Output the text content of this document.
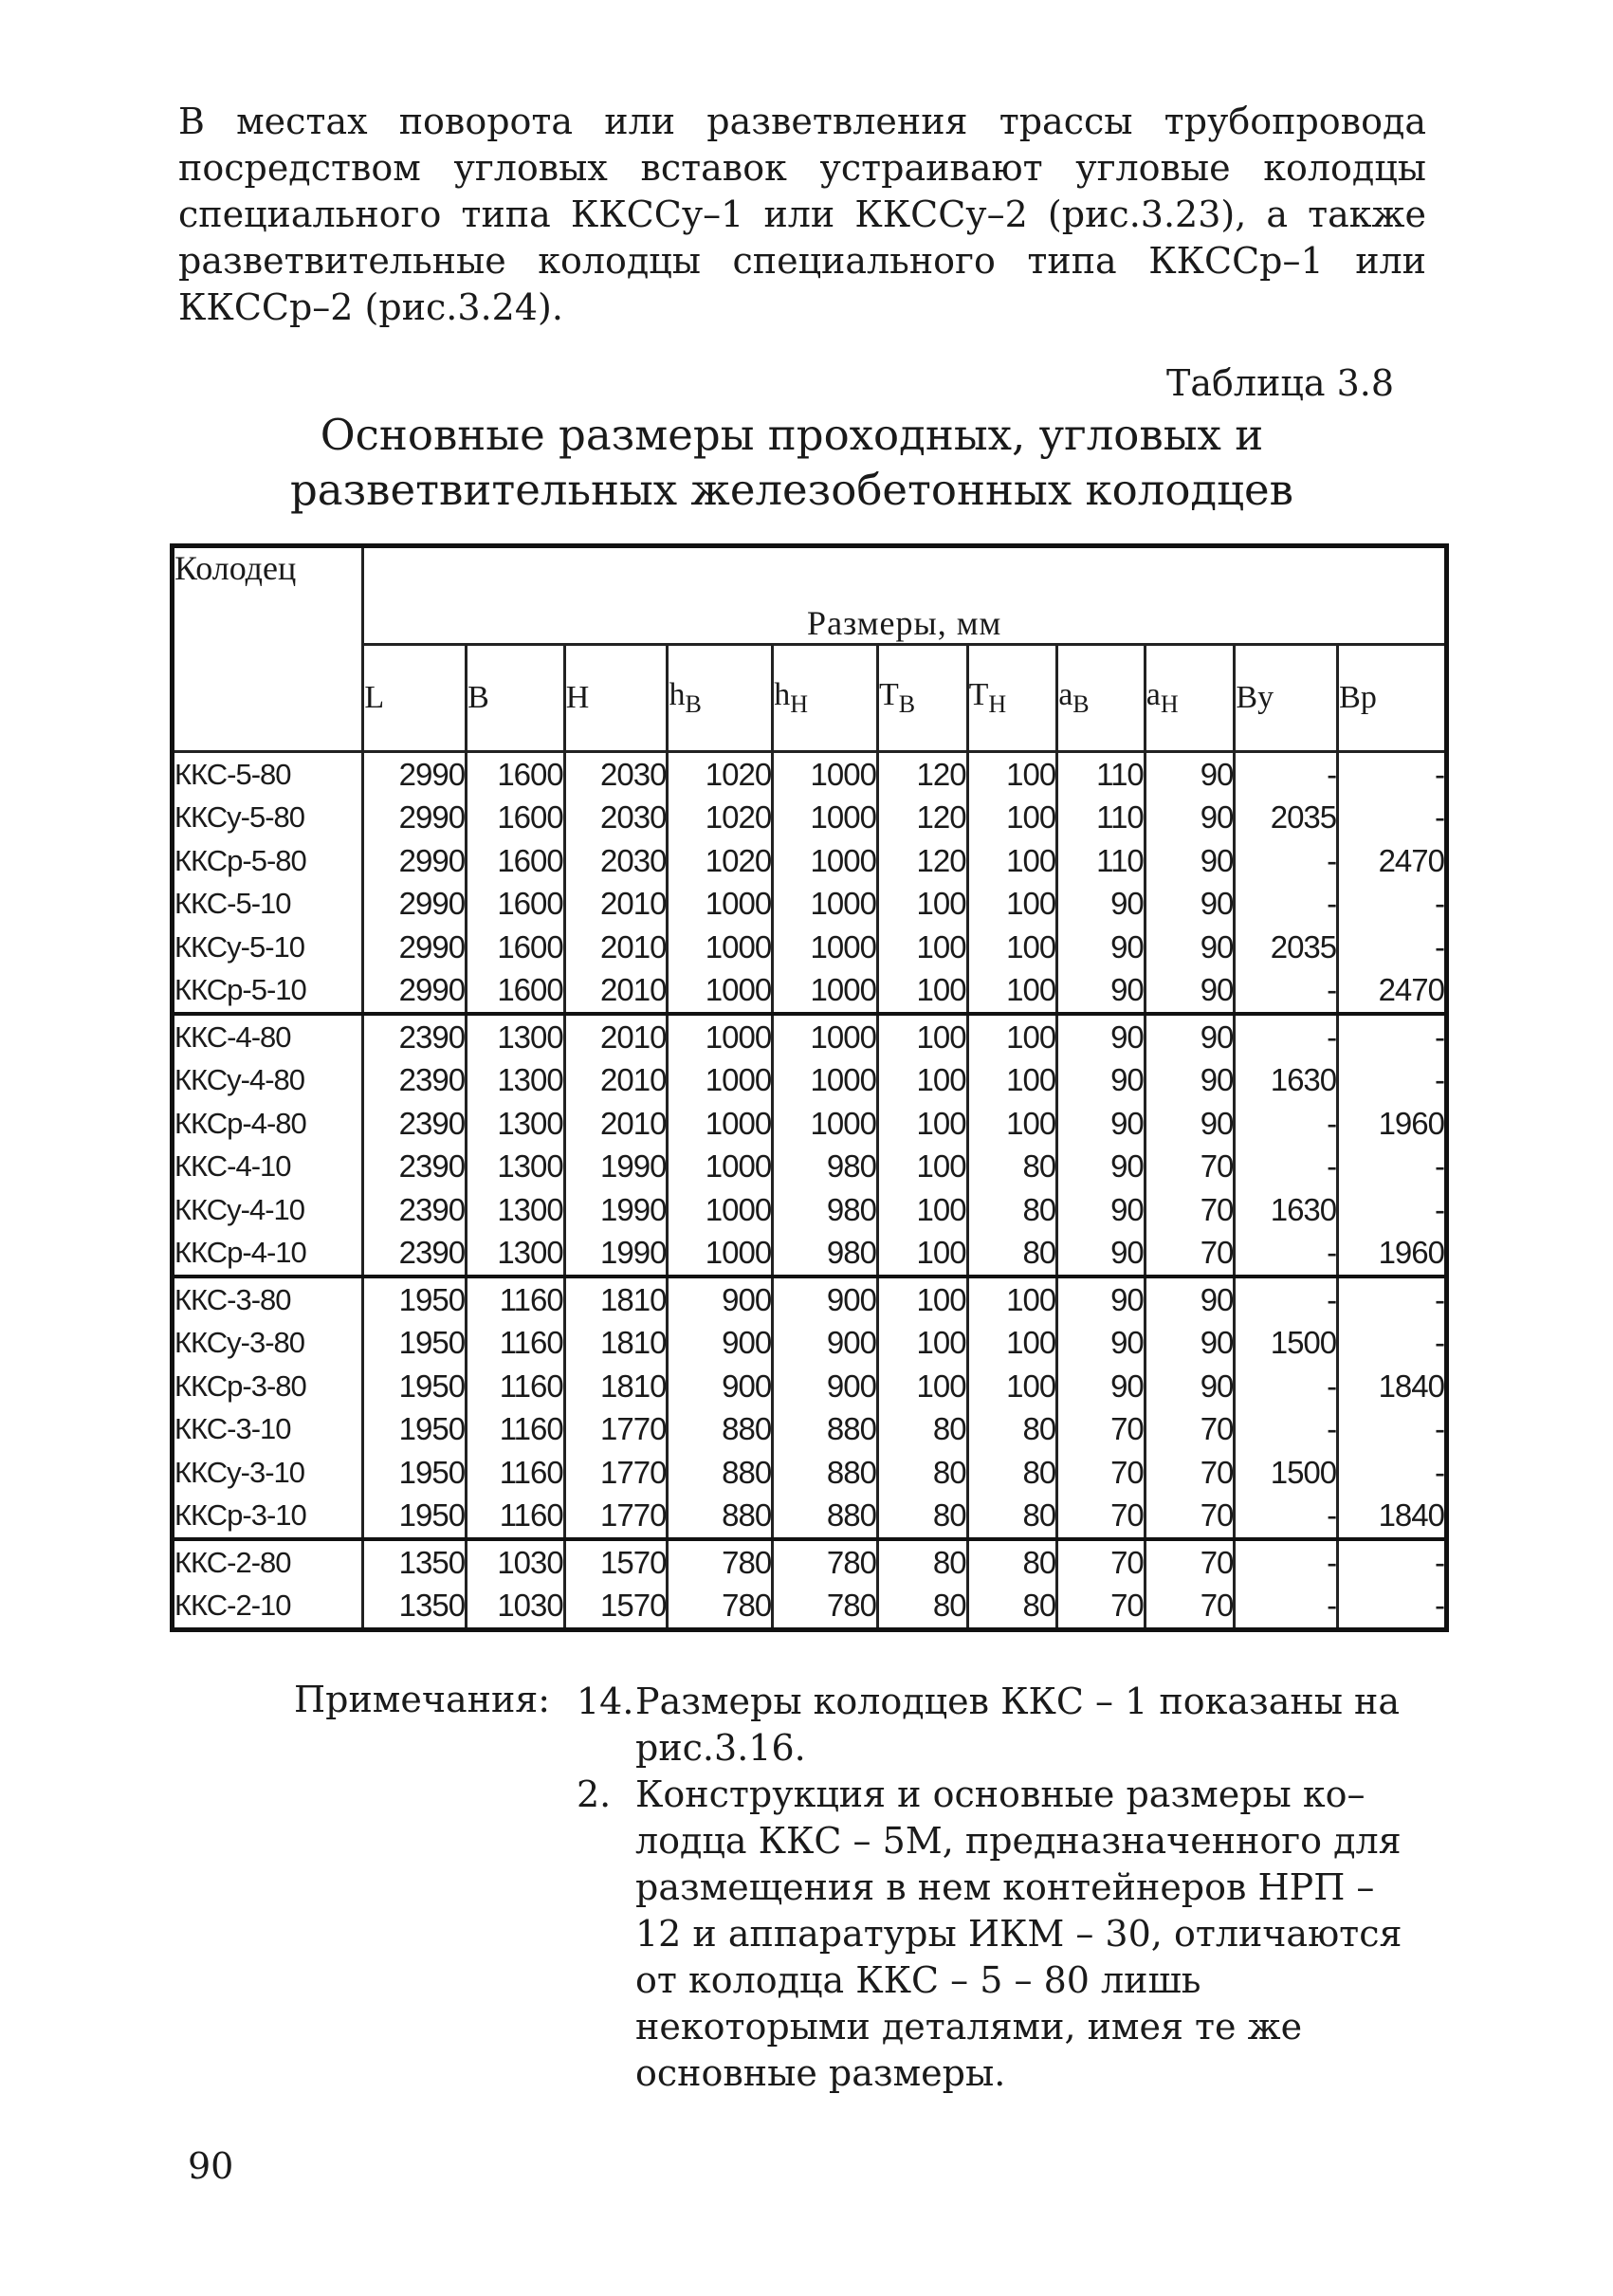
В местах поворота или разветвления трассы трубопровода посредством угловых вставок устраивают угловые колодцы специального типа ККССу–1 или ККССу–2 (рис.3.23), а также разветвительные колодцы специального типа ККССр–1 или ККССр–2 (рис.3.24).

Таблица 3.8

Основные размеры проходных, угловых и
разветвительных железобетонных колодцев
Колодец	Размеры, мм										
	L	B	H	$h_В$	$h_Н$	$T_В$	$T_Н$	$a_В$	$a_Н$	Bу	Bр
ККС-5-80	2990	1600	2030	1020	1000	120	100	110	90	-	-
ККСу-5-80	2990	1600	2030	1020	1000	120	100	110	90	2035	-
ККСр-5-80	2990	1600	2030	1020	1000	120	100	110	90	-	2470
ККС-5-10	2990	1600	2010	1000	1000	100	100	90	90	-	-
ККСу-5-10	2990	1600	2010	1000	1000	100	100	90	90	2035	-
ККСр-5-10	2990	1600	2010	1000	1000	100	100	90	90	-	2470
ККС-4-80	2390	1300	2010	1000	1000	100	100	90	90	-	-
ККСу-4-80	2390	1300	2010	1000	1000	100	100	90	90	1630	-
ККСр-4-80	2390	1300	2010	1000	1000	100	100	90	90	-	1960
ККС-4-10	2390	1300	1990	1000	980	100	80	90	70	-	-
ККСу-4-10	2390	1300	1990	1000	980	100	80	90	70	1630	-
ККСр-4-10	2390	1300	1990	1000	980	100	80	90	70	-	1960
ККС-3-80	1950	1160	1810	900	900	100	100	90	90	-	-
ККСу-3-80	1950	1160	1810	900	900	100	100	90	90	1500	-
ККСр-3-80	1950	1160	1810	900	900	100	100	90	90	-	1840
ККС-3-10	1950	1160	1770	880	880	80	80	70	70	-	-
ККСу-3-10	1950	1160	1770	880	880	80	80	70	70	1500	-
ККСр-3-10	1950	1160	1770	880	880	80	80	70	70	-	1840
ККС-2-80	1350	1030	1570	780	780	80	80	70	70	-	-
ККС-2-10	1350	1030	1570	780	780	80	80	70	70	-	-

Примечания: 14. Размеры колодцев ККС – 1 показаны на рис.3.16.
2. Конструкция и основные размеры ко– лодца ККС – 5М, предназначенного для размещения в нем контейнеров НРП – 12 и аппаратуры ИКМ – 30, отличаются от колодца ККС – 5 – 80 лишь некоторыми деталями, имея те же основные размеры.

90
